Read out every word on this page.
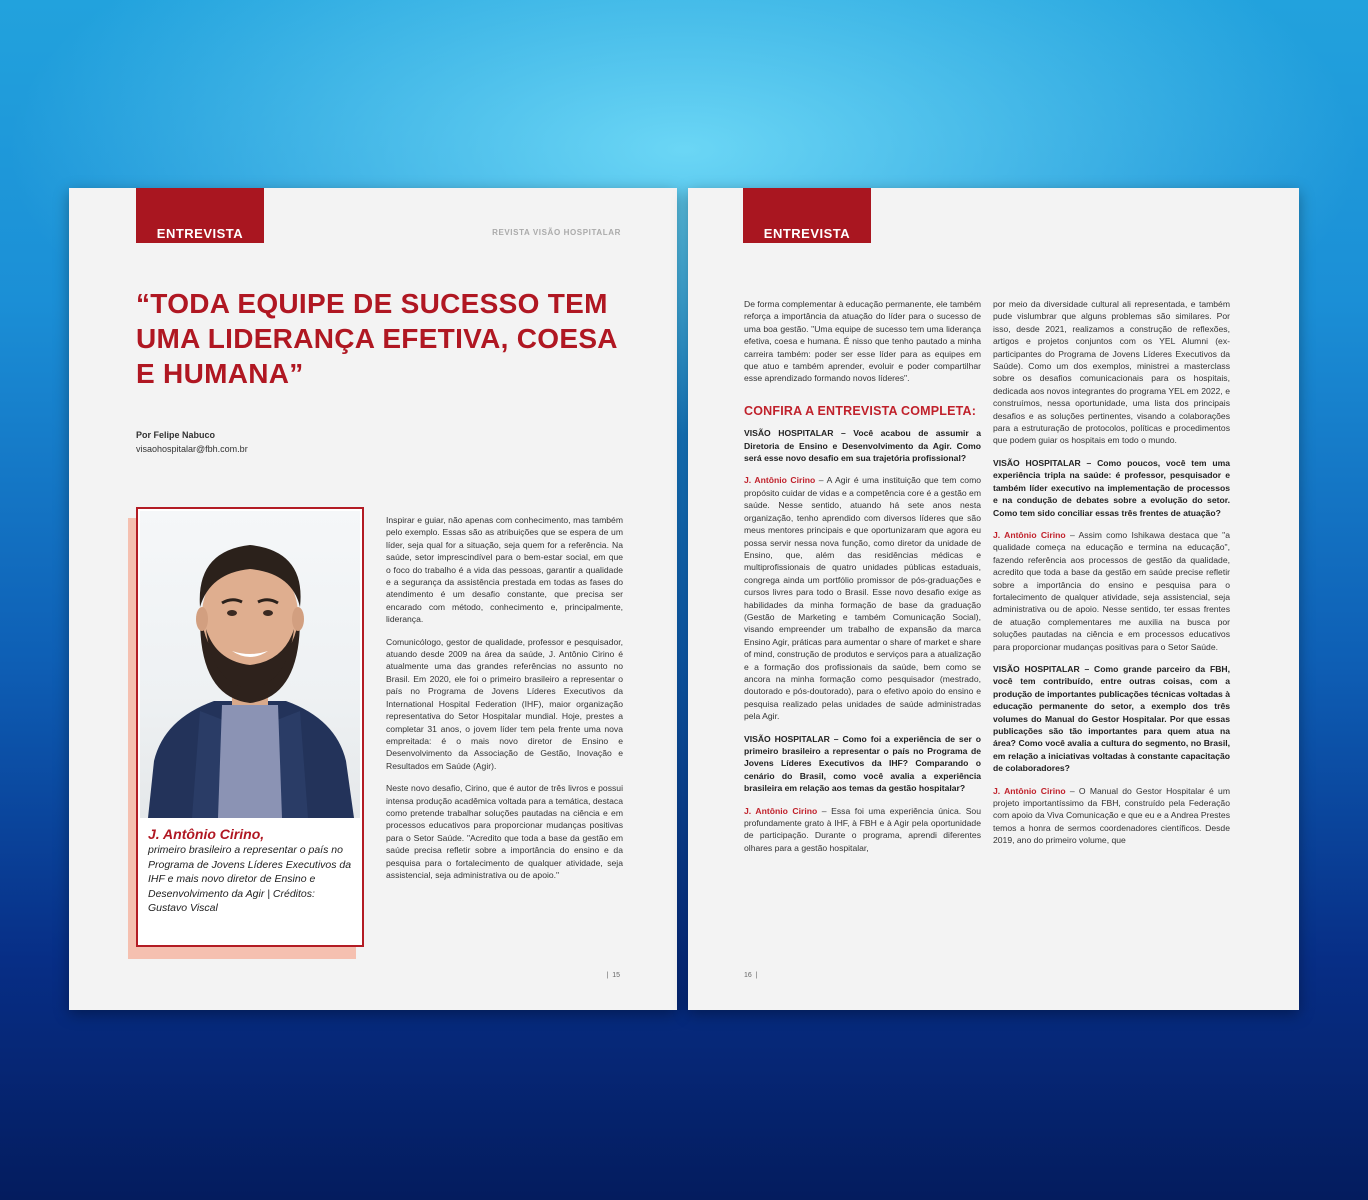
ENTREVISTA	REVISTA VISÃO HOSPITALAR
“TODA EQUIPE DE SUCESSO TEM UMA LIDERANÇA EFETIVA, COESA E HUMANA”
Por Felipe Nabuco
visaohospitalar@fbh.com.br
J. Antônio Cirino,
primeiro brasileiro a representar o país no Programa de Jovens Líderes Executivos da IHF e mais novo diretor de Ensino e Desenvolvimento da Agir | Créditos: Gustavo Viscal

Inspirar e guiar, não apenas com conhecimento, mas também pelo exemplo. Essas são as atribuições que se espera de um líder, seja qual for a situação, seja quem for a referência. Na saúde, setor imprescindível para o bem-estar social, em que o foco do trabalho é a vida das pessoas, garantir a qualidade e a segurança da assistência prestada em todas as fases do atendimento é um desafio constante, que precisa ser encarado com método, conhecimento e, principalmente, liderança.

Comunicólogo, gestor de qualidade, professor e pesquisador, atuando desde 2009 na área da saúde, J. Antônio Cirino é atualmente uma das grandes referências no assunto no Brasil. Em 2020, ele foi o primeiro brasileiro a representar o país no Programa de Jovens Líderes Executivos da International Hospital Federation (IHF), maior organização representativa do Setor Hospitalar mundial. Hoje, prestes a completar 31 anos, o jovem líder tem pela frente uma nova empreitada: é o mais novo diretor de Ensino e Desenvolvimento da Associação de Gestão, Inovação e Resultados em Saúde (Agir).

Neste novo desafio, Cirino, que é autor de três livros e possui intensa produção acadêmica voltada para a temática, destaca como pretende trabalhar soluções pautadas na ciência e em processos educativos para proporcionar mudanças positivas para o Setor Saúde. "Acredito que toda a base da gestão em saúde precisa refletir sobre a importância do ensino e da pesquisa para o fortalecimento de qualquer atividade, seja assistencial, seja administrativa ou de apoio."

|  15
ENTREVISTA

De forma complementar à educação permanente, ele também reforça a importância da atuação do líder para o sucesso de uma boa gestão. "Uma equipe de sucesso tem uma liderança efetiva, coesa e humana. É nisso que tenho pautado a minha carreira também: poder ser esse líder para as equipes em que atuo e também aprender, evoluir e poder compartilhar esse aprendizado formando novos líderes".

CONFIRA A ENTREVISTA COMPLETA:

VISÃO HOSPITALAR – Você acabou de assumir a Diretoria de Ensino e Desenvolvimento da Agir. Como será esse novo desafio em sua trajetória profissional?

J. Antônio Cirino – A Agir é uma instituição que tem como propósito cuidar de vidas e a competência core é a gestão em saúde. Nesse sentido, atuando há sete anos nesta organização, tenho aprendido com diversos líderes que são meus mentores principais e que oportunizaram que agora eu possa servir nessa nova função, como diretor da unidade de Ensino, que, além das residências médicas e multiprofissionais de quatro unidades públicas estaduais, congrega ainda um portfólio promissor de pós-graduações e cursos livres para todo o Brasil. Esse novo desafio exige as habilidades da minha formação de base da graduação (Gestão de Marketing e também Comunicação Social), visando empreender um trabalho de expansão da marca Ensino Agir, práticas para aumentar o share of market e share of mind, construção de produtos e serviços para a atualização e a formação dos profissionais da saúde, bem como se ancora na minha formação como pesquisador (mestrado, doutorado e pós-doutorado), para o efetivo apoio do ensino e pesquisa realizado pelas unidades de saúde administradas pela Agir.

VISÃO HOSPITALAR – Como foi a experiência de ser o primeiro brasileiro a representar o país no Programa de Jovens Líderes Executivos da IHF? Comparando o cenário do Brasil, como você avalia a experiência brasileira em relação aos temas da gestão hospitalar?

J. Antônio Cirino – Essa foi uma experiência única. Sou profundamente grato à IHF, à FBH e à Agir pela oportunidade de participação. Durante o programa, aprendi diferentes olhares para a gestão hospitalar,

por meio da diversidade cultural ali representada, e também pude vislumbrar que alguns problemas são similares. Por isso, desde 2021, realizamos a construção de reflexões, artigos e projetos conjuntos com os YEL Alumni (ex-participantes do Programa de Jovens Líderes Executivos da Saúde). Como um dos exemplos, ministrei a masterclass sobre os desafios comunicacionais para os hospitais, dedicada aos novos integrantes do programa YEL em 2022, e construímos, nessa oportunidade, uma lista dos principais desafios e as soluções pertinentes, visando a colaborações para a estruturação de protocolos, políticas e procedimentos que podem guiar os hospitais em todo o mundo.

VISÃO HOSPITALAR – Como poucos, você tem uma experiência tripla na saúde: é professor, pesquisador e também líder executivo na implementação de processos e na condução de debates sobre a evolução do setor. Como tem sido conciliar essas três frentes de atuação?

J. Antônio Cirino – Assim como Ishikawa destaca que "a qualidade começa na educação e termina na educação", fazendo referência aos processos de gestão da qualidade, acredito que toda a base da gestão em saúde precise refletir sobre a importância do ensino e pesquisa para o fortalecimento de qualquer atividade, seja assistencial, seja administrativa ou de apoio. Nesse sentido, ter essas frentes de atuação complementares me auxilia na busca por soluções pautadas na ciência e em processos educativos para proporcionar mudanças positivas para o Setor Saúde.

VISÃO HOSPITALAR – Como grande parceiro da FBH, você tem contribuído, entre outras coisas, com a produção de importantes publicações técnicas voltadas à educação permanente do setor, a exemplo dos três volumes do Manual do Gestor Hospitalar. Por que essas publicações são tão importantes para quem atua na área? Como você avalia a cultura do segmento, no Brasil, em relação a iniciativas voltadas à constante capacitação de colaboradores?

J. Antônio Cirino – O Manual do Gestor Hospitalar é um projeto importantíssimo da FBH, construído pela Federação com apoio da Viva Comunicação e que eu e a Andrea Prestes temos a honra de sermos coordenadores científicos. Desde 2019, ano do primeiro volume, que

16  |
